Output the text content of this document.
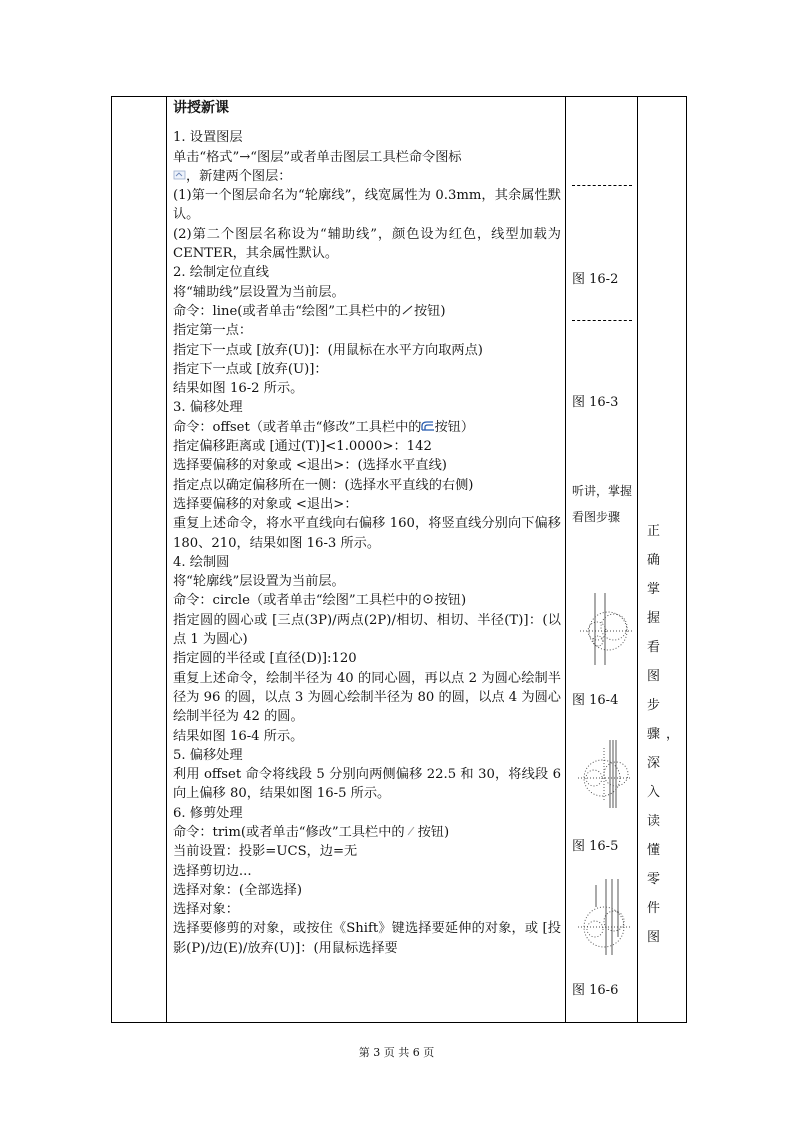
讲授新课
1. 设置图层
单击“格式”→“图层”或者单击图层工具栏命令图标
，新建两个图层：
(1)第一个图层命名为“轮廓线”，线宽属性为 0.3mm，其余属性默认。
(2)第二个图层名称设为“辅助线”，颜色设为红色，线型加载为 CENTER，其余属性默认。
2. 绘制定位直线
将“辅助线”层设置为当前层。
命令：line(或者单击“绘图”工具栏中的 按钮)
指定第一点：
指定下一点或 [放弃(U)]：(用鼠标在水平方向取两点)
指定下一点或 [放弃(U)]：
结果如图 16-2 所示。
3. 偏移处理
命令：offset（或者单击“修改”工具栏中的 按钮）
指定偏移距离或 [通过(T)]<1.0000>：142
选择要偏移的对象或 <退出>：(选择水平直线)
指定点以确定偏移所在一侧：(选择水平直线的右侧)
选择要偏移的对象或 <退出>：
重复上述命令，将水平直线向右偏移 160，将竖直线分别向下偏移 180、210，结果如图 16-3 所示。
4. 绘制圆
将“轮廓线”层设置为当前层。
命令：circle（或者单击“绘图”工具栏中的 按钮)
指定圆的圆心或 [三点(3P)/两点(2P)/相切、相切、半径(T)]：(以点 1 为圆心)
指定圆的半径或 [直径(D)]:120
重复上述命令，绘制半径为 40 的同心圆，再以点 2 为圆心绘制半径为 96 的圆，以点 3 为圆心绘制半径为 80 的圆，以点 4 为圆心绘制半径为 42 的圆。
结果如图 16-4 所示。
5. 偏移处理
利用 offset 命令将线段 5 分别向两侧偏移 22.5 和 30，将线段 6 向上偏移 80，结果如图 16-5 所示。
6. 修剪处理
命令：trim(或者单击“修改”工具栏中的 按钮)
当前设置：投影=UCS，边=无
选择剪切边...
选择对象：(全部选择)
选择对象：
选择要修剪的对象，或按住《Shift》键选择要延伸的对象，或 [投影(P)/边(E)/放弃(U)]：(用鼠标选择要

图 16-2
图 16-3
听讲，掌握看图步骤
图 16-4
图 16-5
图 16-6

正确掌握看图步骤，深入读懂零件图
第 3 页 共 6 页
